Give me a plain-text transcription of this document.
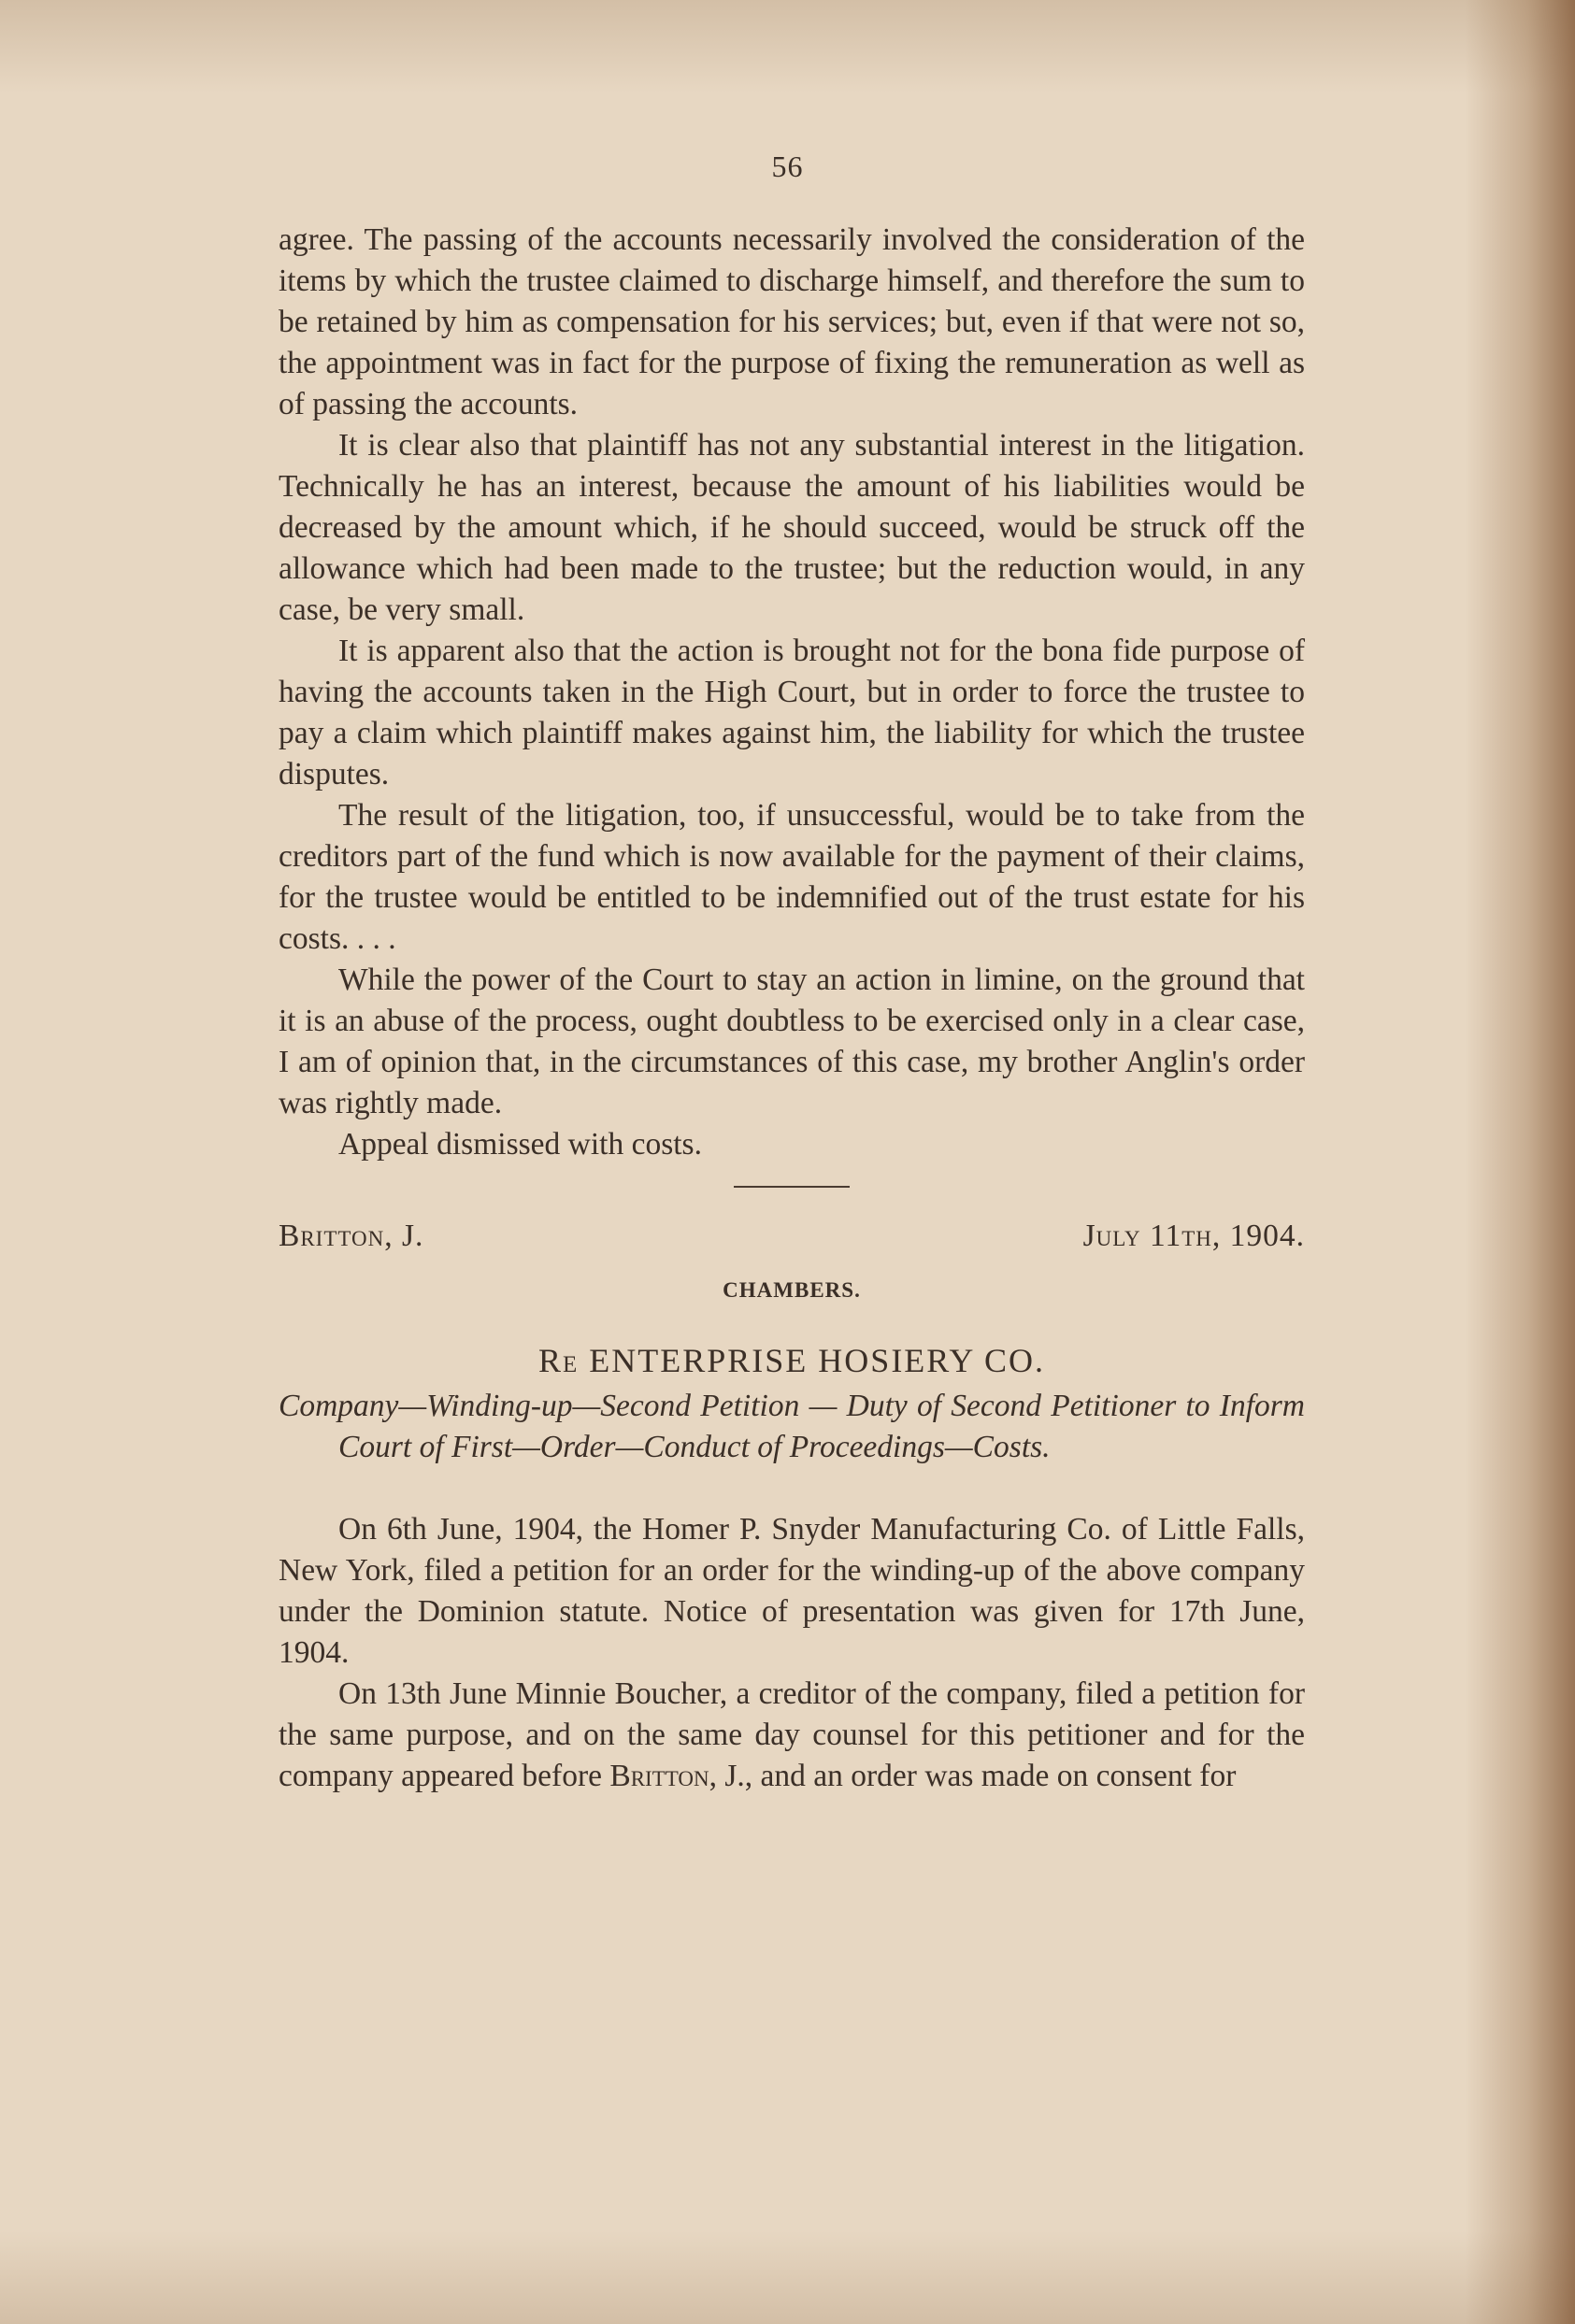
56

agree. The passing of the accounts necessarily involved the consideration of the items by which the trustee claimed to discharge himself, and therefore the sum to be retained by him as compensation for his services; but, even if that were not so, the appointment was in fact for the purpose of fixing the remuneration as well as of passing the accounts.

It is clear also that plaintiff has not any substantial interest in the litigation. Technically he has an interest, because the amount of his liabilities would be decreased by the amount which, if he should succeed, would be struck off the allowance which had been made to the trustee; but the reduction would, in any case, be very small.

It is apparent also that the action is brought not for the bona fide purpose of having the accounts taken in the High Court, but in order to force the trustee to pay a claim which plaintiff makes against him, the liability for which the trustee disputes.

The result of the litigation, too, if unsuccessful, would be to take from the creditors part of the fund which is now available for the payment of their claims, for the trustee would be entitled to be indemnified out of the trust estate for his costs. . . .

While the power of the Court to stay an action in limine, on the ground that it is an abuse of the process, ought doubtless to be exercised only in a clear case, I am of opinion that, in the circumstances of this case, my brother Anglin's order was rightly made.

Appeal dismissed with costs.

Britton, J.	July 11th, 1904.
CHAMBERS.
Re ENTERPRISE HOSIERY CO.

Company—Winding-up—Second Petition — Duty of Second Petitioner to Inform Court of First—Order—Conduct of Proceedings—Costs.

On 6th June, 1904, the Homer P. Snyder Manufacturing Co. of Little Falls, New York, filed a petition for an order for the winding-up of the above company under the Dominion statute. Notice of presentation was given for 17th June, 1904.

On 13th June Minnie Boucher, a creditor of the company, filed a petition for the same purpose, and on the same day counsel for this petitioner and for the company appeared before Britton, J., and an order was made on consent for
